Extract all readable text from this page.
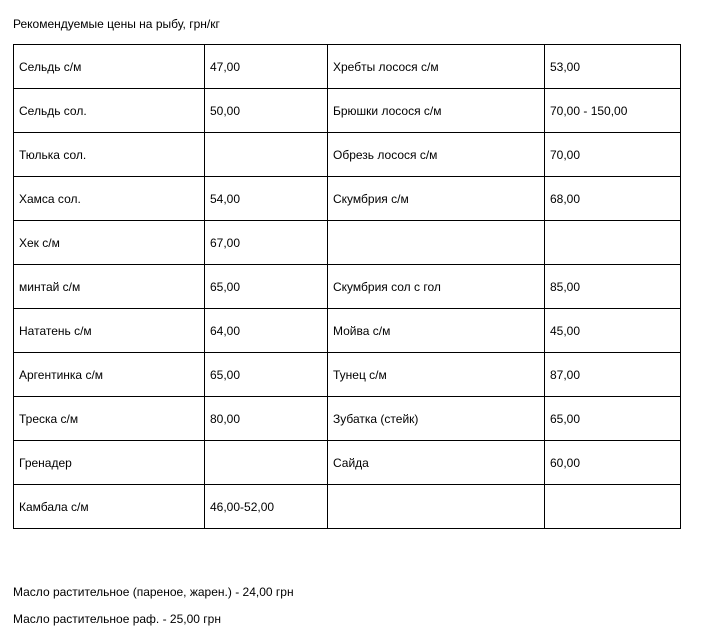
Рекомендуемые цены на рыбу, грн/кг
Сельдь с/м	47,00	Хребты лосося с/м	53,00
Сельдь сол.	50,00	Брюшки лосося с/м	70,00 - 150,00
Тюлька сол.		Обрезь лосося с/м	70,00
Хамса сол.	54,00	Скумбрия с/м	68,00
Хек с/м	67,00		
минтай с/м	65,00	Скумбрия сол с гол	85,00
Нататень с/м	64,00	Мойва с/м	45,00
Аргентинка с/м	65,00	Тунец с/м	87,00
Треска с/м	80,00	Зубатка (стейк)	65,00
Гренадер		Сайда	60,00
Камбала с/м	46,00-52,00		
Масло растительное (пареное, жарен.) - 24,00 грн
Масло растительное раф. - 25,00 грн
